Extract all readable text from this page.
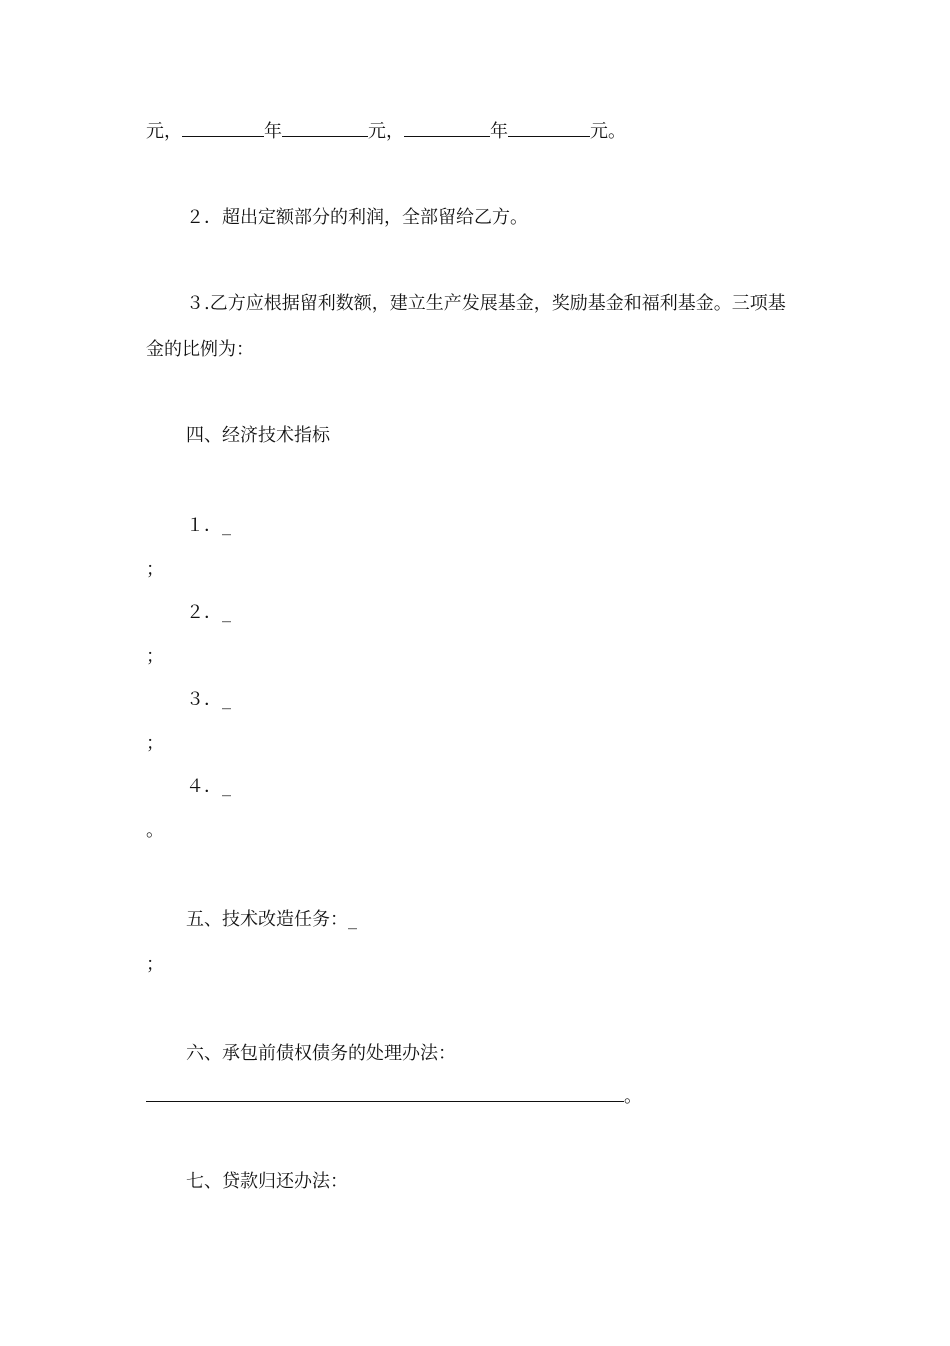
元，	年	元，	年	元。
２．超出定额部分的利润，全部留给乙方。
３.乙方应根据留利数额，建立生产发展基金，奖励基金和福利基金。三项基
金的比例为：
四、经济技术指标
１．_
；
２．_
；
３．_
；
４．_
。
五、技术改造任务：_
；
六、承包前债权债务的处理办法：
。
七、贷款归还办法：
